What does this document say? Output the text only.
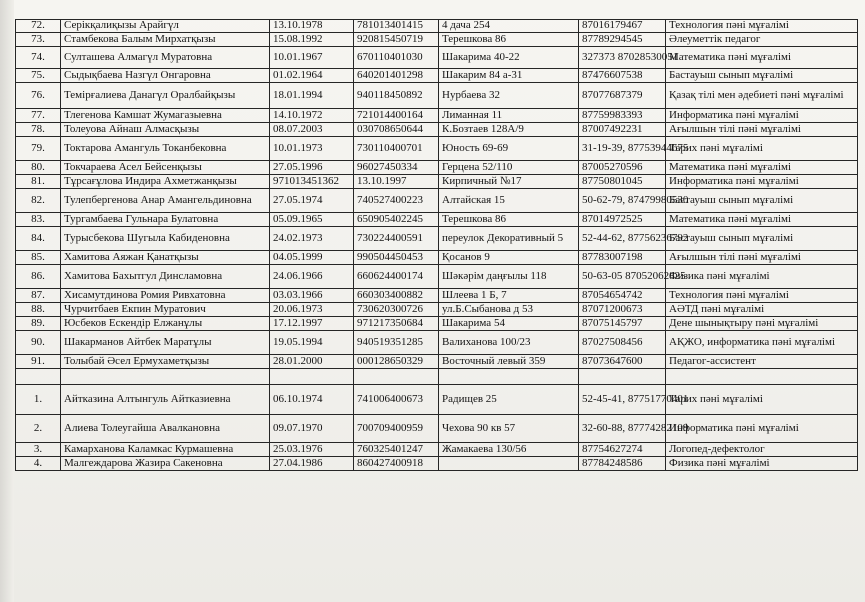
72.	Серікқалиқызы Арайгүл	13.10.1978	781013401415	4 дача 254	87016179467	Технология пәні мұғалімі
73.	Стамбекова Балым Мирхатқызы	15.08.1992	920815450719	Терешкова 86	87789294545	Әлеуметтік педагог
74.	Султашева Алмагүл Муратовна	10.01.1967	670110401030	Шакарима 40-22	327373 87028530051	Математика пәні мұғалімі
75.	Сыдықбаева Назгүл Онгаровна	01.02.1964	640201401298	Шакарим 84 а-31	87476607538	Бастауыш сынып мұғалімі
76.	Темірғалиева Данагүл Оралбайқызы	18.01.1994	940118450892	Нурбаева 32	87077687379	Қазақ тілі мен әдебиеті пәні мұғалімі
77.	Тлегенова Камшат Жумагазыевна	14.10.1972	721014400164	Лиманная 11	87759983393	Информатика пәні мұғалімі
78.	Толеуова Айнаш Алмасқызы	08.07.2003	030708650644	К.Бозтаев 128А/9	87007492231	Ағылшын тілі пәні мұғалімі
79.	Токтарова Амангуль Токанбековна	10.01.1973	730110400701	Юность 69-69	31-19-39, 87753944675	Тарих пәні мұғалімі
80.	Токчараева Асел Бейсенқызы	27.05.1996	96027450334	Герцена 52/110	87005270596	Математика пәні мұғалімі
81.	Тұрсағұлова Индира Ахметжанқызы	971013451362	13.10.1997	Кирпичный №17	87750801045	Информатика пәні мұғалімі
82.	Тулепбергенова Анар Амангельдиновна	27.05.1974	740527400223	Алтайская 15	50-62-79, 87479980530	Бастауыш сынып мұғалімі
83.	Тургамбаева Гульнара Булатовна	05.09.1965	650905402245	Терешкова 86	87014972525	Математика пәні мұғалімі
84.	Турысбекова Шугыла Кабиденовна	24.02.1973	730224400591	переулок Декоративный 5	52-44-62, 87756236792	Бастауыш сынып мұғалімі
85.	Хамитова Аяжан Қанатқызы	04.05.1999	990504450453	Қосанов 9	87783007198	Ағылшын тілі пәні мұғалімі
86.	Хамитова Бахытгул Динсламовна	24.06.1966	660624400174	Шәкәрім даңғылы 118	50-63-05 87052062825	Физика пәні мұғалімі
87.	Хисамутдинова Ромия Ривхатовна	03.03.1966	660303400882	Шлеева 1 Б, 7	87054654742	Технология пәні мұғалімі
88.	Чурчитбаев Екпин Муратович	20.06.1973	730620300726	ул.Б.Сыбанова д 53	87071200673	АӘТД пәні мұғалімі
89.	Юсбеков Ескендір Елжанұлы	17.12.1997	971217350684	Шакарима 54	87075145797	Дене шынықтыру пәні мұғалімі
90.	Шакарманов Айтбек Маратұлы	19.05.1994	940519351285	Валиханова 100/23	87027508456	АҚЖО, информатика пәні мұғалімі
91.	Толыбай Әсел Ермухаметқызы	28.01.2000	000128650329	Восточный левый 359	87073647600	Педагог-ассистент

1.	Айтказина Алтынгуль Айтказиевна	06.10.1974	741006400673	Радищев 25	52-45-41, 87751770401	Тарих пәні мұғалімі
2.	Алиева Толеугайша Авалкановна	09.07.1970	700709400959	Чехова 90 кв 57	32-60-88, 87774282109	Информатика пәні мұғалімі
3.	Камарханова Каламкас Курмашевна	25.03.1976	760325401247	Жамакаева 130/56	87754627274	Логопед-дефектолог
4.	Малгеждарова Жазира Сакеновна	27.04.1986	860427400918		87784248586	Физика пәні мұғалімі
